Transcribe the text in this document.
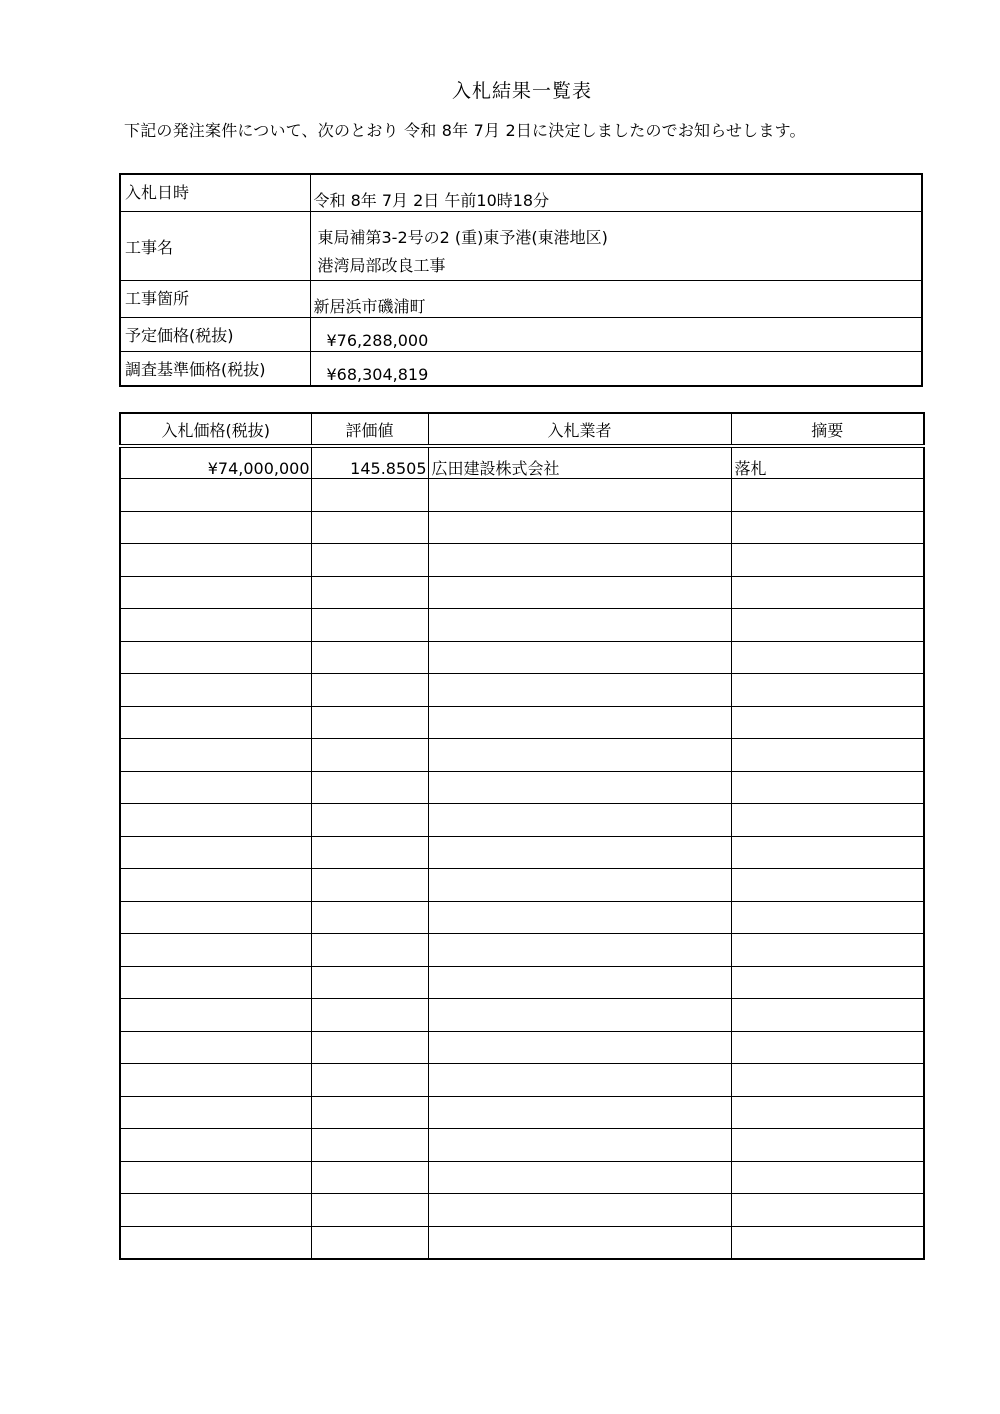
入札結果一覧表
下記の発注案件について、次のとおり 令和 8年 7月 2日に決定しましたのでお知らせします。
入札日時	令和 8年 7月 2日 午前10時18分
工事名	東局補第3-2号の2 (重)東予港(東港地区)
港湾局部改良工事

工事箇所	新居浜市磯浦町
予定価格(税抜)	¥76,288,000
調査基準価格(税抜)	¥68,304,819
入札価格(税抜)	評価値	入札業者	摘要
¥74,000,000	145.8505	広田建設株式会社	落札
